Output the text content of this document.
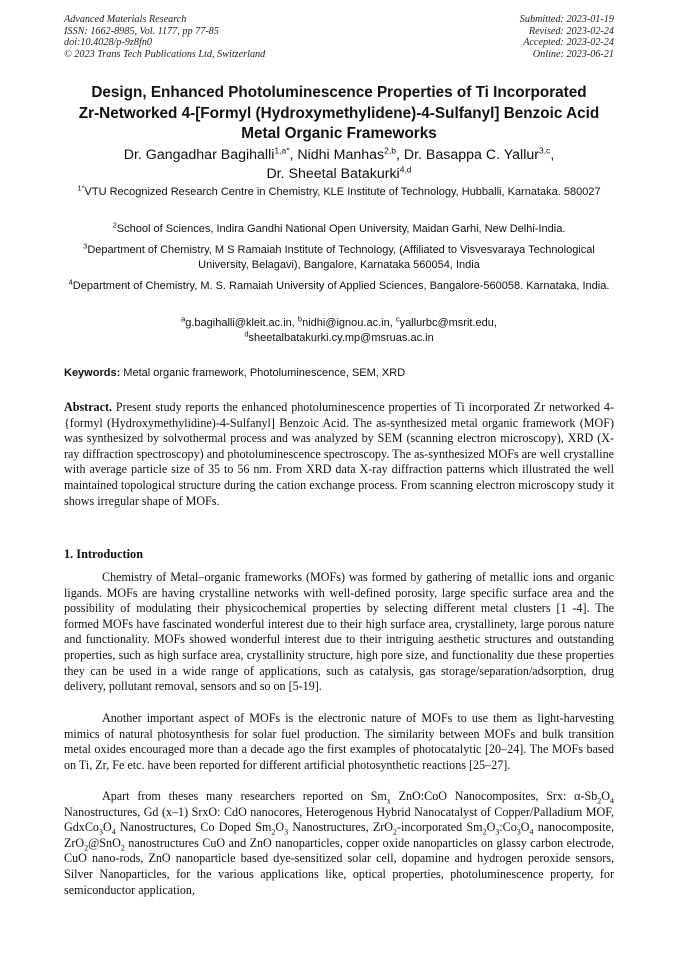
Advanced Materials Research
ISSN: 1662-8985, Vol. 1177, pp 77-85
doi:10.4028/p-9z8fn0
© 2023 Trans Tech Publications Ltd, Switzerland
Submitted: 2023-01-19
Revised: 2023-02-24
Accepted: 2023-02-24
Online: 2023-06-21
Design, Enhanced Photoluminescence Properties of Ti Incorporated
Zr-Networked 4-[Formyl (Hydroxymethylidene)-4-Sulfanyl] Benzoic Acid
Metal Organic Frameworks
Dr. Gangadhar Bagihalli$^{1,a*}$, Nidhi Manhas$^{2,b}$, Dr. Basappa C. Yallur$^{3,c}$,
Dr. Sheetal Batakurki$^{4,d}$
$^{1*}$VTU Recognized Research Centre in Chemistry, KLE Institute of Technology, Hubballi, Karnataka. 580027
$^2$School of Sciences, Indira Gandhi National Open University, Maidan Garhi, New Delhi-India.
$^3$Department of Chemistry, M S Ramaiah Institute of Technology, (Affiliated to Visvesvaraya Technological University, Belagavi), Bangalore, Karnataka 560054, India
$^4$Department of Chemistry, M. S. Ramaiah University of Applied Sciences, Bangalore-560058. Karnataka, India.
$^a$g.bagihalli@kleit.ac.in, $^b$nidhi@ignou.ac.in, $^c$yallurbc@msrit.edu,
$^d$sheetalbatakurki.cy.mp@msruas.ac.in
Keywords: Metal organic framework, Photoluminescence, SEM, XRD
Abstract. Present study reports the enhanced photoluminescence properties of Ti incorporated Zr networked 4-{formyl (Hydroxymethylidine)-4-Sulfanyl] Benzoic Acid. The as-synthesized metal organic framework (MOF) was synthesized by solvothermal process and was analyzed by SEM (scanning electron microscopy), XRD (X-ray diffraction spectroscopy) and photoluminescence spectroscopy. The as-synthesized MOFs are well crystalline with average particle size of 35 to 56 nm. From XRD data X-ray diffraction patterns which illustrated the well maintained topological structure during the cation exchange process. From scanning electron microscopy study it shows irregular shape of MOFs.
1. Introduction
Chemistry of Metal–organic frameworks (MOFs) was formed by gathering of metallic ions and organic ligands. MOFs are having crystalline networks with well-defined porosity, large specific surface area and the possibility of modulating their physicochemical properties by selecting different metal clusters [1 -4]. The formed MOFs have fascinated wonderful interest due to their high surface area, crystallinety, large porous nature and functionality. MOFs showed wonderful interest due to their intriguing aesthetic structures and outstanding properties, such as high surface area, crystallinity structure, high pore size, and functionality due these properties they can be used in a wide range of applications, such as catalysis, gas storage/separation/adsorption, drug delivery, pollutant removal, sensors and so on [5-19].
Another important aspect of MOFs is the electronic nature of MOFs to use them as light-harvesting mimics of natural photosynthesis for solar fuel production. The similarity between MOFs and bulk transition metal oxides encouraged more than a decade ago the first examples of photocatalytic [20–24]. The MOFs based on Ti, Zr, Fe etc. have been reported for different artificial photosynthetic reactions [25–27].
Apart from theses many researchers reported on $Sm_x$ ZnO:CoO Nanocomposites, Srx: $\alpha-Sb_2O_4$ Nanostructures, Gd (x–1) SrxO: CdO nanocores, Heterogenous Hybrid Nanocatalyst of Copper/Palladium MOF, $GdxCo_3O_4$ Nanostructures, Co Doped $Sm_2O_3$ Nanostructures, ZrO$_2$-incorporated $Sm_2O_3:Co_3O_4$ nanocomposite, ZrO$_2$@SnO$_2$ nanostructures CuO and ZnO nanoparticles, copper oxide nanoparticles on glassy carbon electrode, CuO nano-rods, ZnO nanoparticle based dye-sensitized solar cell, dopamine and hydrogen peroxide sensors, Silver Nanoparticles, for the various applications like, optical properties, photoluminescence property, for semiconductor application,
